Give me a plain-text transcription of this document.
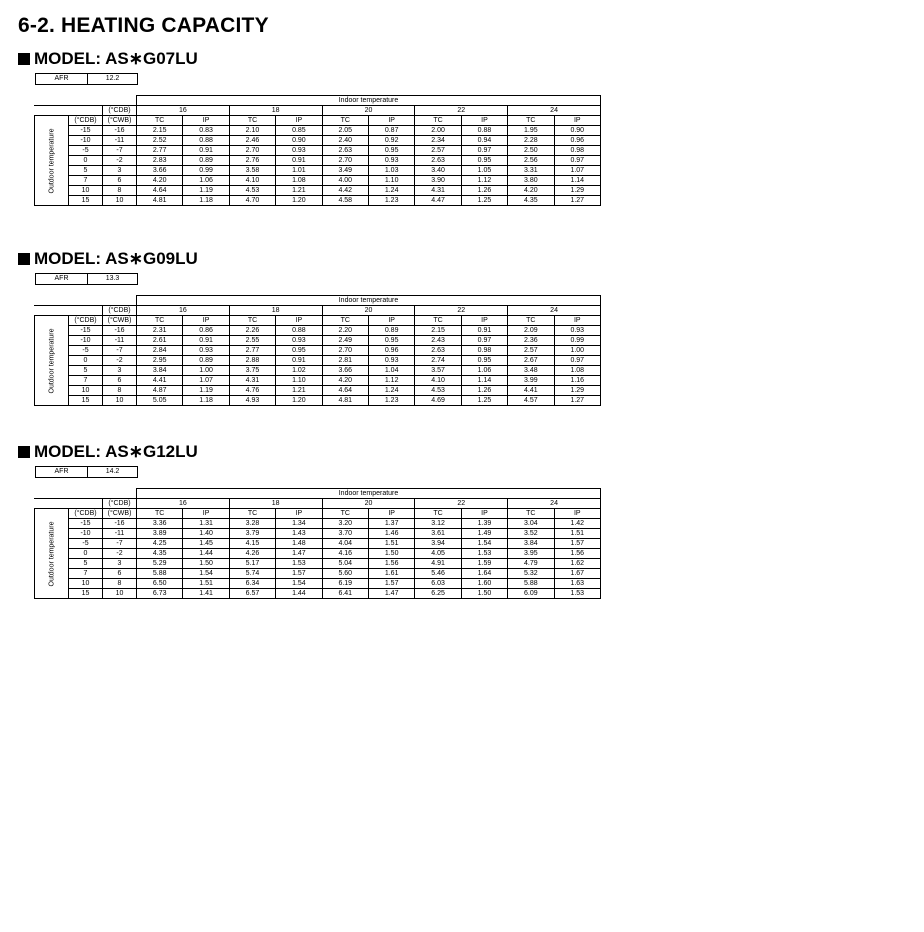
6-2. HEATING CAPACITY
MODEL: AS∗G07LU
AFR	12.2
			Indoor temperature									
		(°CDB)	16		18		20		22		24	

Outdoor temperature	(°CDB)	(°CWB)	TC	IP	TC	IP	TC	IP	TC	IP	TC	IP
	-15	-16	2.15	0.83	2.10	0.85	2.05	0.87	2.00	0.88	1.95	0.90
	-10	-11	2.52	0.88	2.46	0.90	2.40	0.92	2.34	0.94	2.28	0.96
	-5	-7	2.77	0.91	2.70	0.93	2.63	0.95	2.57	0.97	2.50	0.98
	0	-2	2.83	0.89	2.76	0.91	2.70	0.93	2.63	0.95	2.56	0.97
	5	3	3.66	0.99	3.58	1.01	3.49	1.03	3.40	1.05	3.31	1.07
	7	6	4.20	1.06	4.10	1.08	4.00	1.10	3.90	1.12	3.80	1.14
	10	8	4.64	1.19	4.53	1.21	4.42	1.24	4.31	1.26	4.20	1.29
	15	10	4.81	1.18	4.70	1.20	4.58	1.23	4.47	1.25	4.35	1.27
MODEL: AS∗G09LU
AFR	13.3
			Indoor temperature									
		(°CDB)	16		18		20		22		24	

Outdoor temperature	(°CDB)	(°CWB)	TC	IP	TC	IP	TC	IP	TC	IP	TC	IP
	-15	-16	2.31	0.86	2.26	0.88	2.20	0.89	2.15	0.91	2.09	0.93
	-10	-11	2.61	0.91	2.55	0.93	2.49	0.95	2.43	0.97	2.36	0.99
	-5	-7	2.84	0.93	2.77	0.95	2.70	0.96	2.63	0.98	2.57	1.00
	0	-2	2.95	0.89	2.88	0.91	2.81	0.93	2.74	0.95	2.67	0.97
	5	3	3.84	1.00	3.75	1.02	3.66	1.04	3.57	1.06	3.48	1.08
	7	6	4.41	1.07	4.31	1.10	4.20	1.12	4.10	1.14	3.99	1.16
	10	8	4.87	1.19	4.76	1.21	4.64	1.24	4.53	1.26	4.41	1.29
	15	10	5.05	1.18	4.93	1.20	4.81	1.23	4.69	1.25	4.57	1.27
MODEL: AS∗G12LU
AFR	14.2
			Indoor temperature									
		(°CDB)	16		18		20		22		24	

Outdoor temperature	(°CDB)	(°CWB)	TC	IP	TC	IP	TC	IP	TC	IP	TC	IP
	-15	-16	3.36	1.31	3.28	1.34	3.20	1.37	3.12	1.39	3.04	1.42
	-10	-11	3.89	1.40	3.79	1.43	3.70	1.46	3.61	1.49	3.52	1.51
	-5	-7	4.25	1.45	4.15	1.48	4.04	1.51	3.94	1.54	3.84	1.57
	0	-2	4.35	1.44	4.26	1.47	4.16	1.50	4.05	1.53	3.95	1.56
	5	3	5.29	1.50	5.17	1.53	5.04	1.56	4.91	1.59	4.79	1.62
	7	6	5.88	1.54	5.74	1.57	5.60	1.61	5.46	1.64	5.32	1.67
	10	8	6.50	1.51	6.34	1.54	6.19	1.57	6.03	1.60	5.88	1.63
	15	10	6.73	1.41	6.57	1.44	6.41	1.47	6.25	1.50	6.09	1.53
